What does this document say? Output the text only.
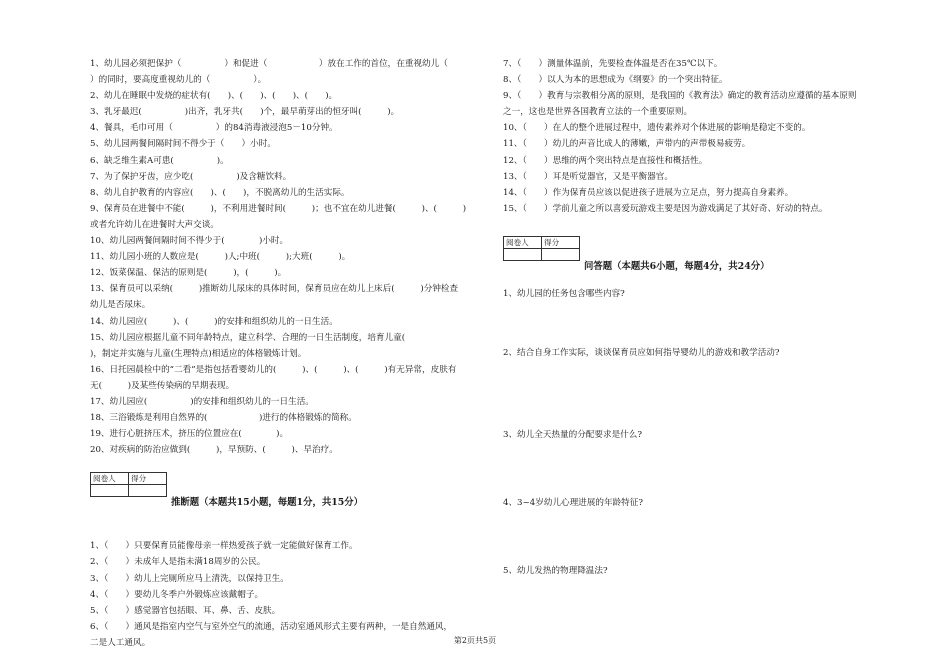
1、幼儿园必须把保护（　　　　　）和促进（　　　　　　）放在工作的首位，在重视幼儿（
）的同时，要高度重视幼儿的（　　　　　）。
2、幼儿在睡眠中发烧的症状有(　　)、(　　)、(　　)、(　　)。
3、乳牙最迟(　　　　　)出齐，乳牙共(　　)个，最早萌芽出的恒牙叫(　　　)。
4、餐具，毛巾可用（　　　　　）的84消毒液浸泡5－10分钟。
5、幼儿园两餐间隔时间不得少于（　　）小时。
6、缺乏维生素A可患(　　　　　)。
7、为了保护牙齿，应少吃(　　　　　)及含糖饮料。
8、幼儿自护教育的内容应(　　)、(　　)，不脱离幼儿的生活实际。
9、保育员在进餐中不能(　　　)，不利用进餐时间(　　　)；也不宜在幼儿进餐(　　　)、(　　　)
或者允许幼儿在进餐时大声交谈。
10、幼儿园两餐间隔时间不得少于(　　　　)小时。
11、幼儿园小班的人数应是(　　　)人;中班(　　　);大班(　　　)。
12、饭菜保温、保洁的原则是(　　　)，(　　　)。
13、保育员可以采纳(　　　)推断幼儿尿床的具体时间，保育员应在幼儿上床后(　　　)分钟检查
幼儿是否尿床。
14、幼儿园应(　　　)、(　　　)的安排和组织幼儿的一日生活。
15、幼儿园应根据儿童不同年龄特点，建立科学、合理的一日生活制度，培育儿童(　　　　　　
)，制定并实施与儿童(生理特点)相适应的体格锻炼计划。
16、日托园晨检中的“二看”是指包括看婴幼儿的(　　　)、(　　　)、(　　　)有无异常，皮肤有
无(　　　)及某些传染病的早期表现。
17、幼儿园应(　　　　　)的安排和组织幼儿的一日生活。
18、三浴锻炼是利用自然界的(　　　　　　)进行的体格锻炼的简称。
19、进行心脏挤压术，挤压的位置应在(　　　　)。
20、对疾病的防治应做到(　　　)，早预防、(　　　)、早治疗。
阅卷人	得分

推断题（本题共15小题，每题1分，共15分）
1、（　　）只要保育员能像母亲一样热爱孩子就一定能做好保育工作。
2、（　　）未成年人是指未满18周岁的公民。
3、（　　）幼儿上完厕所应马上清洗，以保持卫生。
4、（　　）要幼儿冬季户外锻炼应该戴帽子。
5、（　　）感觉器官包括眼、耳、鼻、舌、皮肤。
6、（　　）通风是指室内空气与室外空气的流通，活动室通风形式主要有两种，一是自然通风，
二是人工通风。
7、（　　）测量体温前，先要检查体温是否在35℃以下。
8、（　　）以人为本的思想成为《纲要》的一个突出特征。
9、（　　）教育与宗教相分离的原则，是我国的《教育法》确定的教育活动应遵循的基本原则
之一，这也是世界各国教育立法的一个重要原则。
10、（　　）在人的整个进展过程中，遗传素养对个体进展的影响是稳定不变的。
11、（　　）幼儿的声音比成人的薄嫩，声带内的声带极易疲劳。
12、（　　）思维的两个突出特点是直接性和概括性。
13、（　　）耳是听觉器官，又是平衡器官。
14、（　　）作为保育员应该以促进孩子进展为立足点，努力提高自身素养。
15、（　　）学前儿童之所以喜爱玩游戏主要是因为游戏满足了其好奇、好动的特点。
阅卷人	得分

问答题（本题共6小题，每题4分，共24分）
1、幼儿园的任务包含哪些内容?
2、结合自身工作实际，谈谈保育员应如何指导婴幼儿的游戏和教学活动?
3、幼儿全天热量的分配要求是什么?
4、3~4岁幼儿心理进展的年龄特征?
5、幼儿发热的物理降温法?
第2页共5页
